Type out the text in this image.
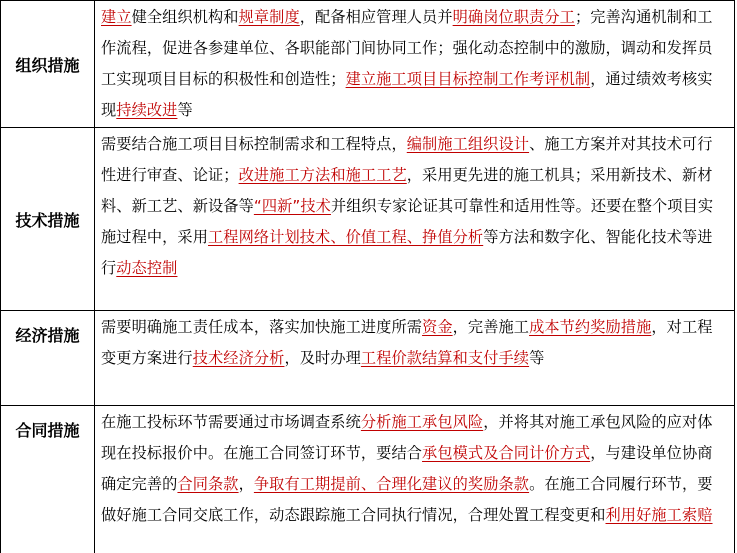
组织措施	建立健全组织机构和规章制度，配备相应管理人员并明确岗位职责分工；完善沟通机制和工作流程，促进各参建单位、各职能部门间协同工作；强化动态控制中的激励，调动和发挥员工实现项目目标的积极性和创造性；建立施工项目目标控制工作考评机制，通过绩效考核实现持续改进等
技术措施	需要结合施工项目目标控制需求和工程特点，编制施工组织设计、施工方案并对其技术可行性进行审查、论证；改进施工方法和施工工艺，采用更先进的施工机具；采用新技术、新材料、新工艺、新设备等“四新”技术并组织专家论证其可靠性和适用性等。还要在整个项目实施过程中，采用工程网络计划技术、价值工程、挣值分析等方法和数字化、智能化技术等进行动态控制
经济措施	需要明确施工责任成本，落实加快施工进度所需资金，完善施工成本节约奖励措施，对工程变更方案进行技术经济分析，及时办理工程价款结算和支付手续等
合同措施	在施工投标环节需要通过市场调查系统分析施工承包风险，并将其对施工承包风险的应对体现在投标报价中。在施工合同签订环节，要结合承包模式及合同计价方式，与建设单位协商确定完善的合同条款，争取有工期提前、合理化建议的奖励条款。在施工合同履行环节，要做好施工合同交底工作，动态跟踪施工合同执行情况，合理处置工程变更和利用好施工索赔
